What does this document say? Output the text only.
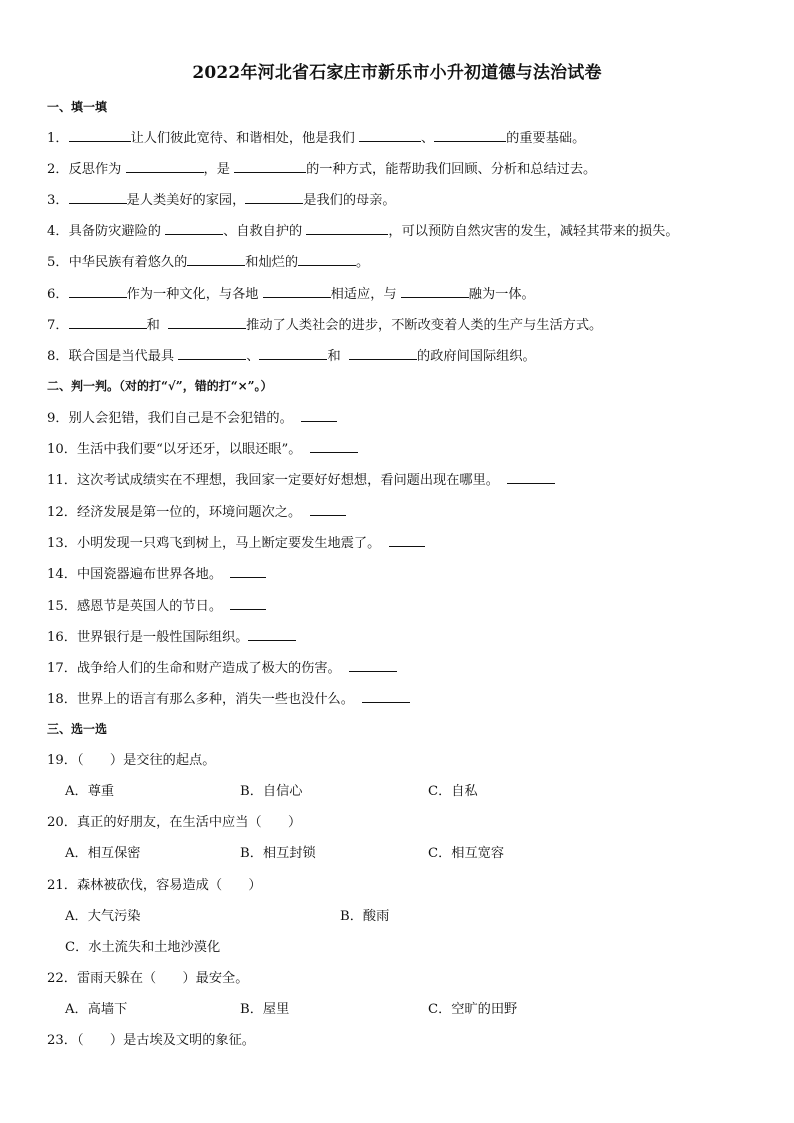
2022年河北省石家庄市新乐市小升初道德与法治试卷
一、填一填
1．	让人们彼此宽待、和谐相处，他是我们	、	的重要基础。
2．反思作为	，是	的一种方式，能帮助我们回顾、分析和总结过去。
3．	是人类美好的家园，	是我们的母亲。
4．具备防灾避险的	、自救自护的	，可以预防自然灾害的发生，减轻其带来的损失。
5．中华民族有着悠久的	和灿烂的	。
6．	作为一种文化，与各地	相适应，与	融为一体。
7．	和	推动了人类社会的进步，不断改变着人类的生产与生活方式。
8．联合国是当代最具	、	和	的政府间国际组织。
二、判一判。（对的打“√”，错的打“×”。）
9．别人会犯错，我们自己是不会犯错的。
10．生活中我们要“以牙还牙，以眼还眼”。
11．这次考试成绩实在不理想，我回家一定要好好想想，看问题出现在哪里。
12．经济发展是第一位的，环境问题次之。
13．小明发现一只鸡飞到树上，马上断定要发生地震了。
14．中国瓷器遍布世界各地。
15．感恩节是英国人的节日。
16．世界银行是一般性国际组织。
17．战争给人们的生命和财产造成了极大的伤害。
18．世界上的语言有那么多种，消失一些也没什么。
三、选一选
19．（　　）是交往的起点。
A．尊重	B．自信心	C．自私
20．真正的好朋友，在生活中应当（　　）
A．相互保密	B．相互封锁	C．相互宽容
21．森林被砍伐，容易造成（　　）
A．大气污染	B．酸雨
C．水土流失和土地沙漠化
22．雷雨天躲在（　　）最安全。
A．高墙下	B．屋里	C．空旷的田野
23．（　　）是古埃及文明的象征。
